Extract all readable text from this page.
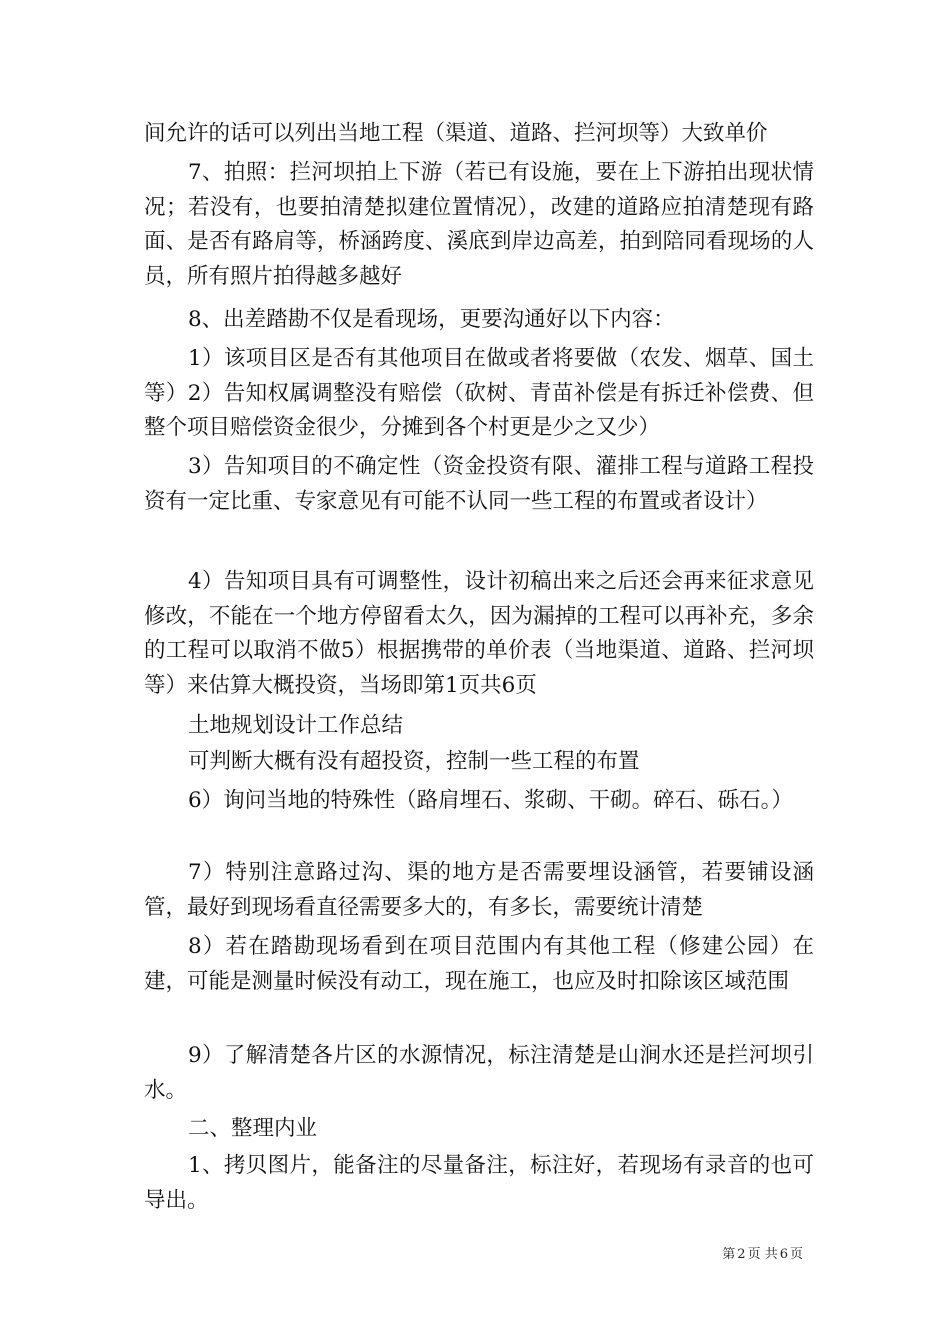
间允许的话可以列出当地工程（渠道、道路、拦河坝等）大致单价

7、拍照：拦河坝拍上下游（若已有设施，要在上下游拍出现状情况；若没有，也要拍清楚拟建位置情况），改建的道路应拍清楚现有路面、是否有路肩等，桥涵跨度、溪底到岸边高差，拍到陪同看现场的人员，所有照片拍得越多越好

8、出差踏勘不仅是看现场，更要沟通好以下内容：

1）该项目区是否有其他项目在做或者将要做（农发、烟草、国土等）2）告知权属调整没有赔偿（砍树、青苗补偿是有拆迁补偿费、但整个项目赔偿资金很少，分摊到各个村更是少之又少）

3）告知项目的不确定性（资金投资有限、灌排工程与道路工程投资有一定比重、专家意见有可能不认同一些工程的布置或者设计）

4）告知项目具有可调整性，设计初稿出来之后还会再来征求意见修改，不能在一个地方停留看太久，因为漏掉的工程可以再补充，多余的工程可以取消不做5）根据携带的单价表（当地渠道、道路、拦河坝等）来估算大概投资，当场即第1页共6页

土地规划设计工作总结

可判断大概有没有超投资，控制一些工程的布置

6）询问当地的特殊性（路肩埋石、浆砌、干砌。碎石、砾石。）

7）特别注意路过沟、渠的地方是否需要埋设涵管，若要铺设涵管，最好到现场看直径需要多大的，有多长，需要统计清楚

8）若在踏勘现场看到在项目范围内有其他工程（修建公园）在建，可能是测量时候没有动工，现在施工，也应及时扣除该区域范围

9）了解清楚各片区的水源情况，标注清楚是山涧水还是拦河坝引水。

二、整理内业

1、拷贝图片，能备注的尽量备注，标注好，若现场有录音的也可导出。

第 2 页 共 6 页
